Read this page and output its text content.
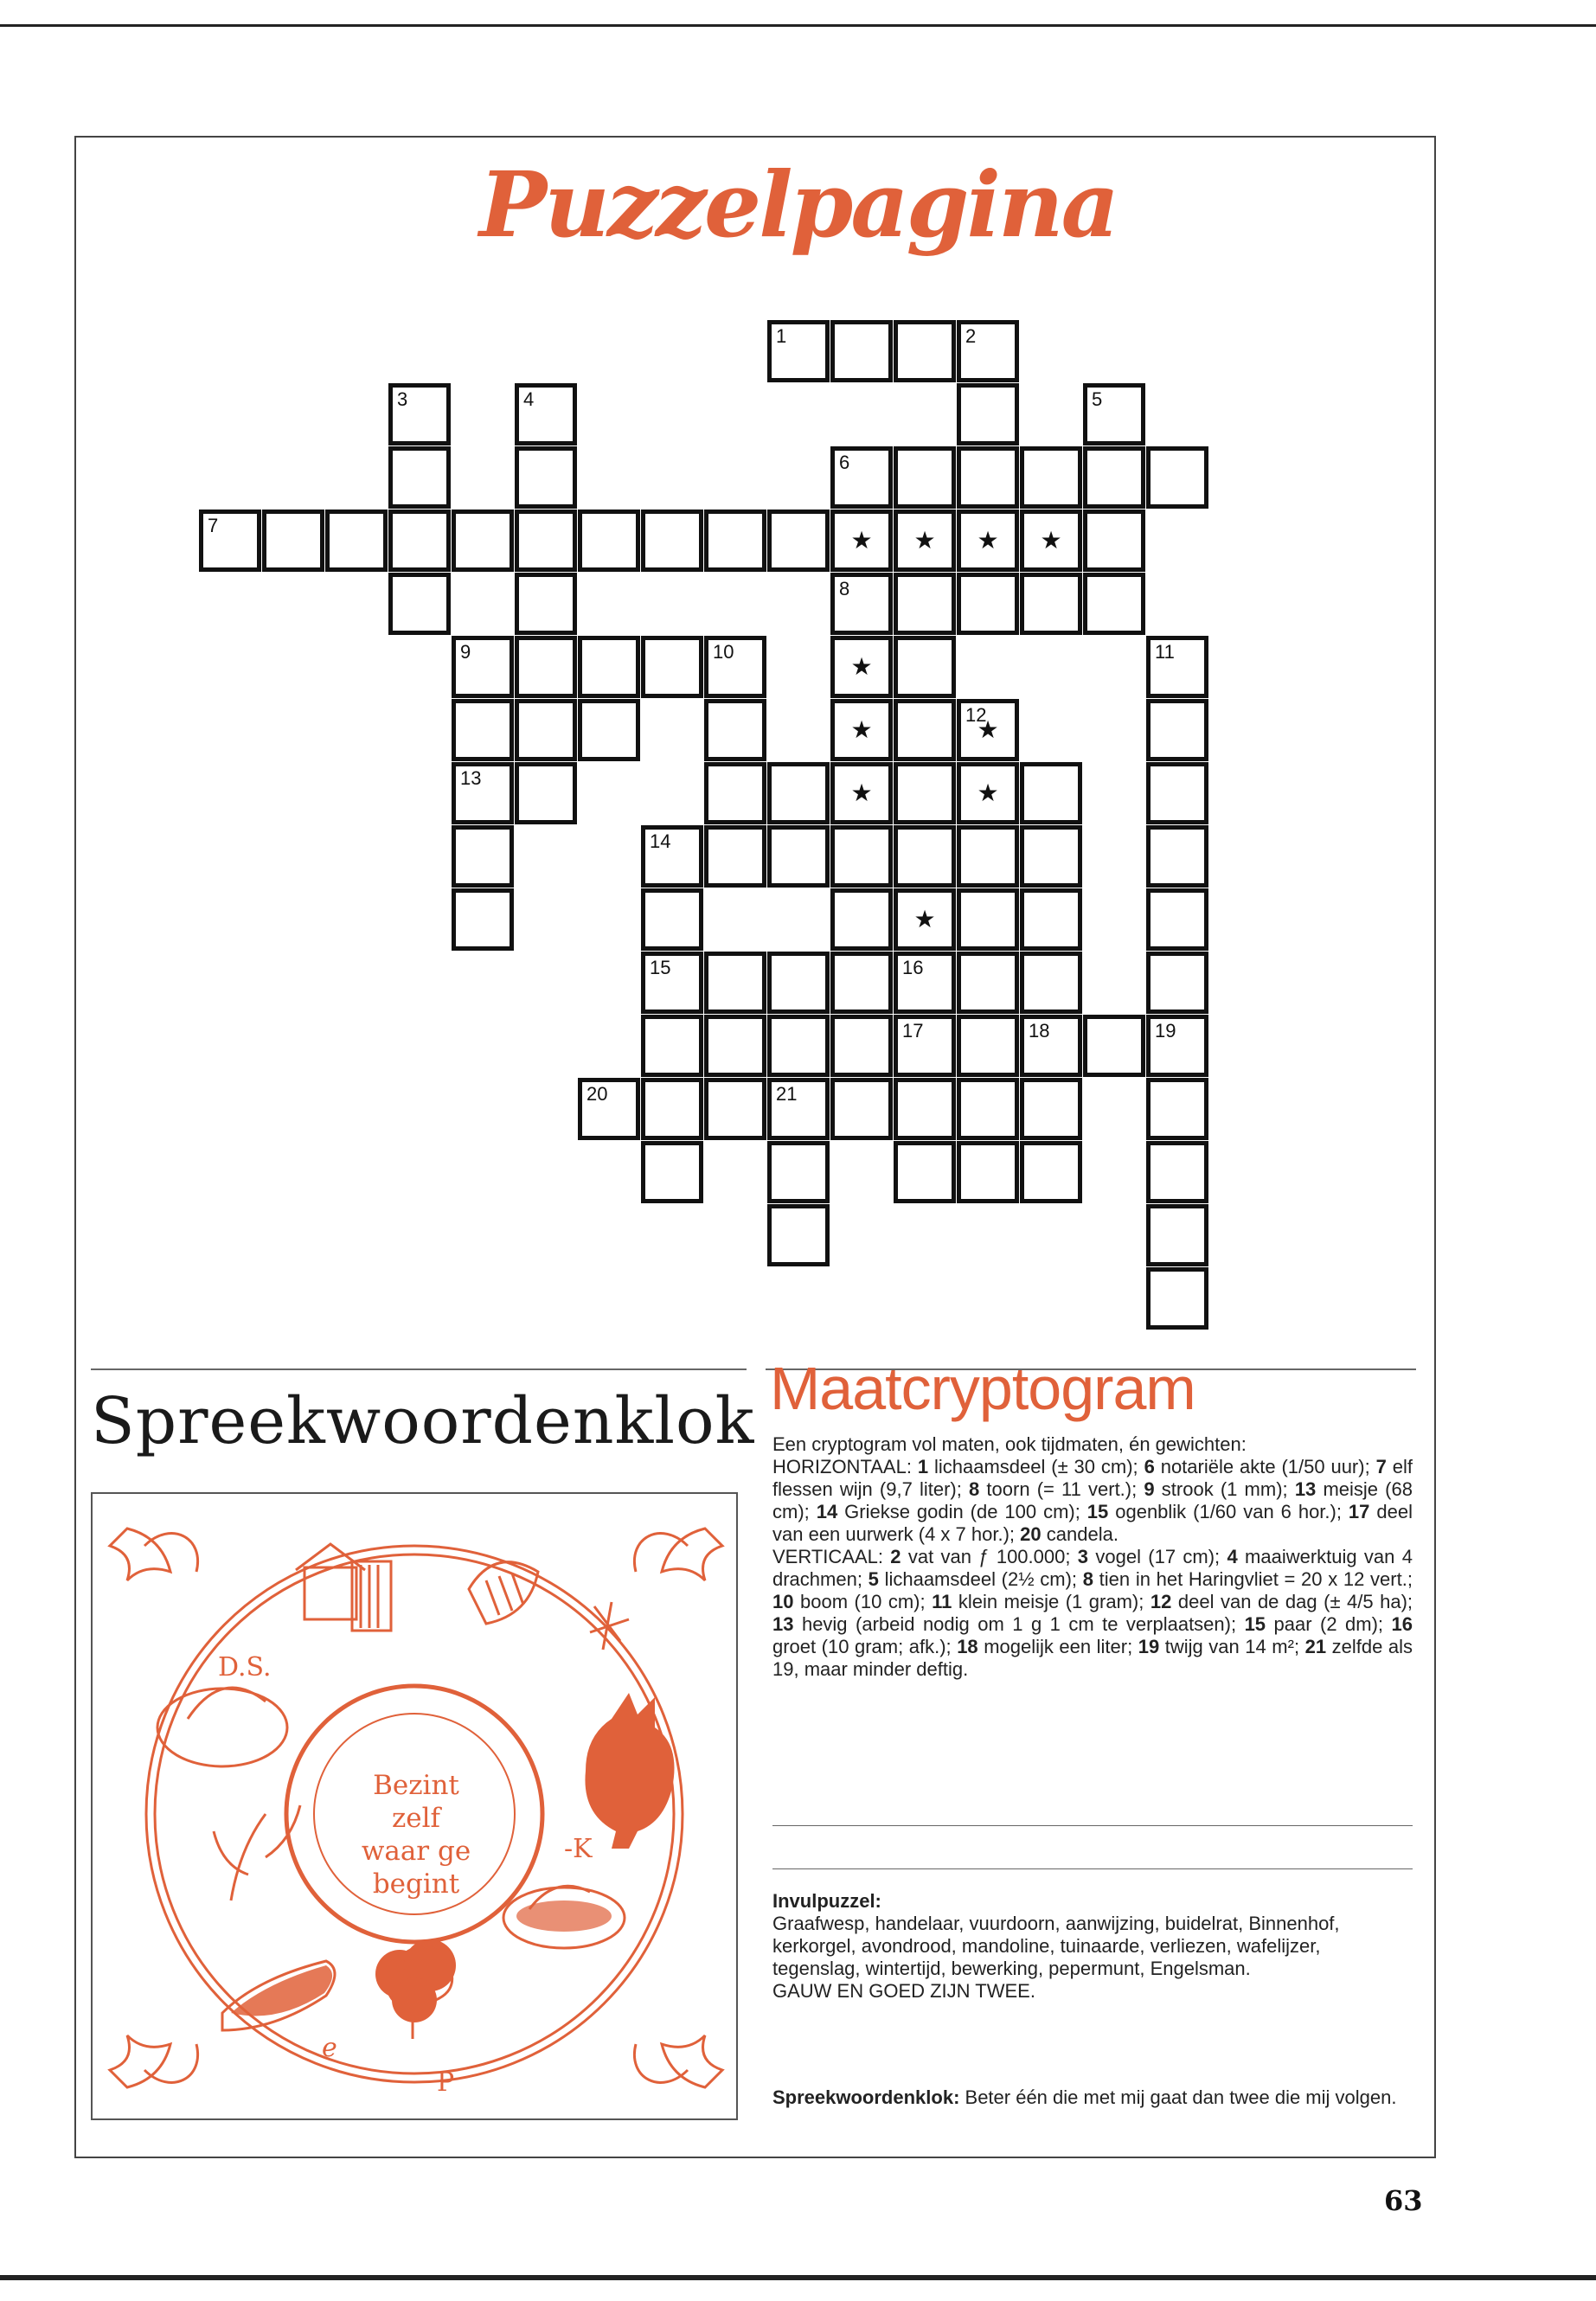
Puzzelpagina
1	2
3	4	5
6
7
★	★	★	★
8
9	10
★
11
★
12
★
13
★	★
14
★
15	16
17	18	19
20	21
Spreekwoordenklok Maatcryptogram
D.S.
-K
e
P
Bezint zelf
waar ge
begint
Een cryptogram vol maten, ook tijdmaten, én gewichten:
HORIZONTAAL: 1 lichaamsdeel (± 30 cm); 6 notariële akte (1/50 uur); 7 elf flessen wijn (9,7 liter); 8 toorn (= 11 vert.); 9 strook (1 mm); 13 meisje (68 cm); 14 Griekse godin (de 100 cm); 15 ogenblik (1/60 van 6 hor.); 17 deel van een uurwerk (4 x 7 hor.); 20 candela.
VERTICAAL: 2 vat van ƒ 100.000; 3 vogel (17 cm); 4 maaiwerktuig van 4 drachmen; 5 lichaamsdeel (2½ cm); 8 tien in het Haringvliet = 20 x 12 vert.; 10 boom (10 cm); 11 klein meisje (1 gram); 12 deel van de dag (± 4/5 ha); 13 hevig (arbeid nodig om 1 g 1 cm te verplaatsen); 15 paar (2 dm); 16 groet (10 gram; afk.); 18 mogelijk een liter; 19 twijg van 14 m²; 21 zelfde als 19, maar minder deftig.
Invulpuzzel:
Graafwesp, handelaar, vuurdoorn, aanwijzing, buidelrat, Binnenhof, kerkorgel, avondrood, mandoline, tuinaarde, verliezen, wafelijzer, tegenslag, wintertijd, bewerking, pepermunt, Engelsman.
GAUW EN GOED ZIJN TWEE.
Spreekwoordenklok: Beter één die met mij gaat dan twee die mij volgen.
63
